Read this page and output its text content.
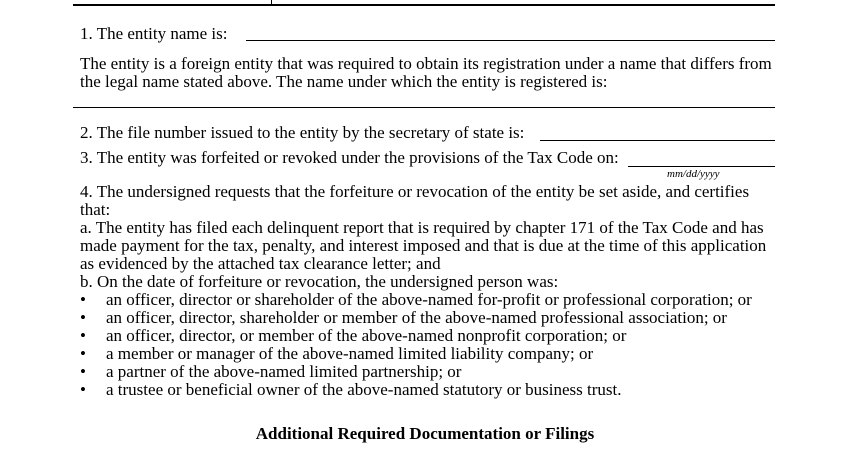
1. The entity name is:
The entity is a foreign entity that was required to obtain its registration under a name that differs from
the legal name stated above. The name under which the entity is registered is:
2. The file number issued to the entity by the secretary of state is:
3. The entity was forfeited or revoked under the provisions of the Tax Code on:
mm/dd/yyyy
4. The undersigned requests that the forfeiture or revocation of the entity be set aside, and certifies
that:
a. The entity has filed each delinquent report that is required by chapter 171 of the Tax Code and has
made payment for the tax, penalty, and interest imposed and that is due at the time of this application
as evidenced by the attached tax clearance letter; and
b. On the date of forfeiture or revocation, the undersigned person was:
• an officer, director or shareholder of the above-named for-profit or professional corporation; or
• an officer, director, shareholder or member of the above-named professional association; or
• an officer, director, or member of the above-named nonprofit corporation; or
• a member or manager of the above-named limited liability company; or
• a partner of the above-named limited partnership; or
• a trustee or beneficial owner of the above-named statutory or business trust.
Additional Required Documentation or Filings
